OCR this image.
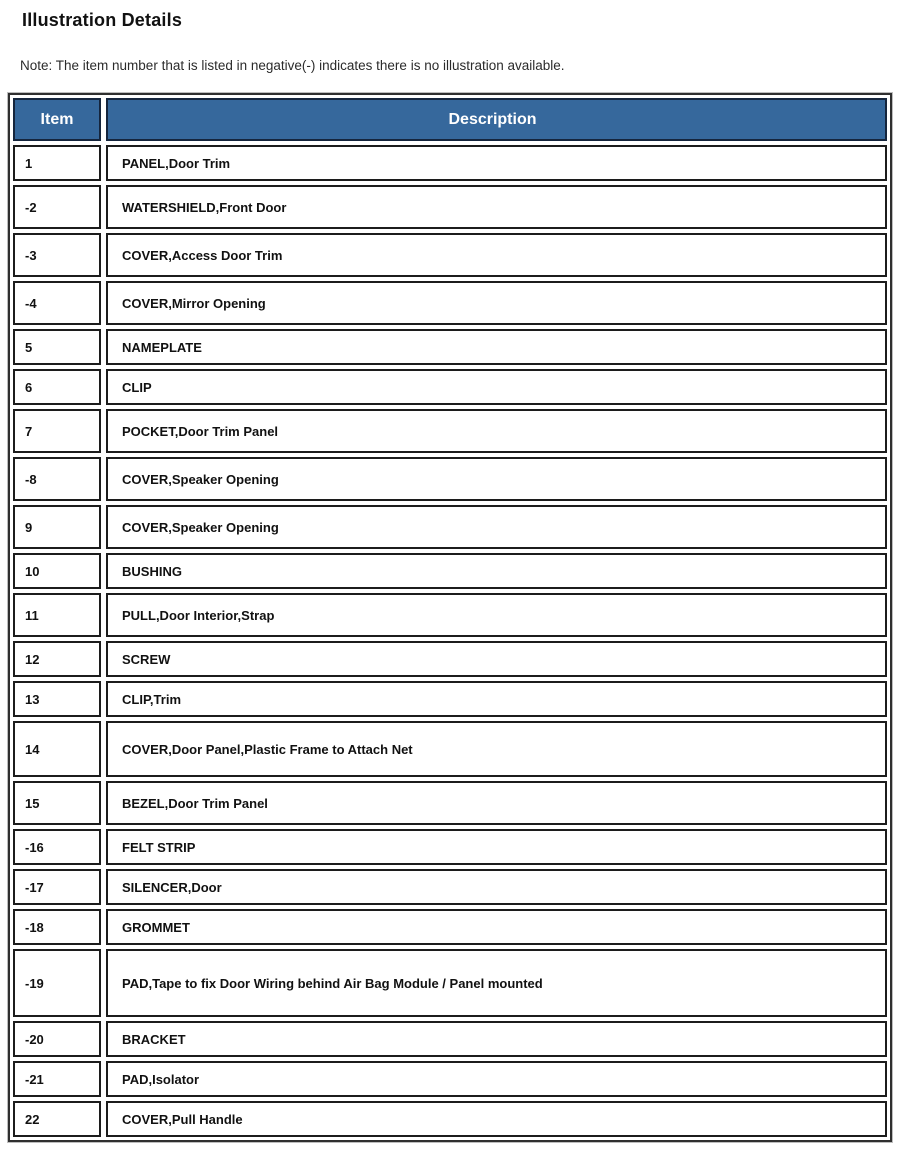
Illustration Details

Note: The item number that is listed in negative(-) indicates there is no illustration available.

Item	Description
1	PANEL,Door Trim
-2	WATERSHIELD,Front Door
-3	COVER,Access Door Trim
-4	COVER,Mirror Opening
5	NAMEPLATE
6	CLIP
7	POCKET,Door Trim Panel
-8	COVER,Speaker Opening
9	COVER,Speaker Opening
10	BUSHING
11	PULL,Door Interior,Strap
12	SCREW
13	CLIP,Trim
14	COVER,Door Panel,Plastic Frame to Attach Net
15	BEZEL,Door Trim Panel
-16	FELT STRIP
-17	SILENCER,Door
-18	GROMMET
-19	PAD,Tape to fix Door Wiring behind Air Bag Module / Panel mounted
-20	BRACKET
-21	PAD,Isolator
22	COVER,Pull Handle
